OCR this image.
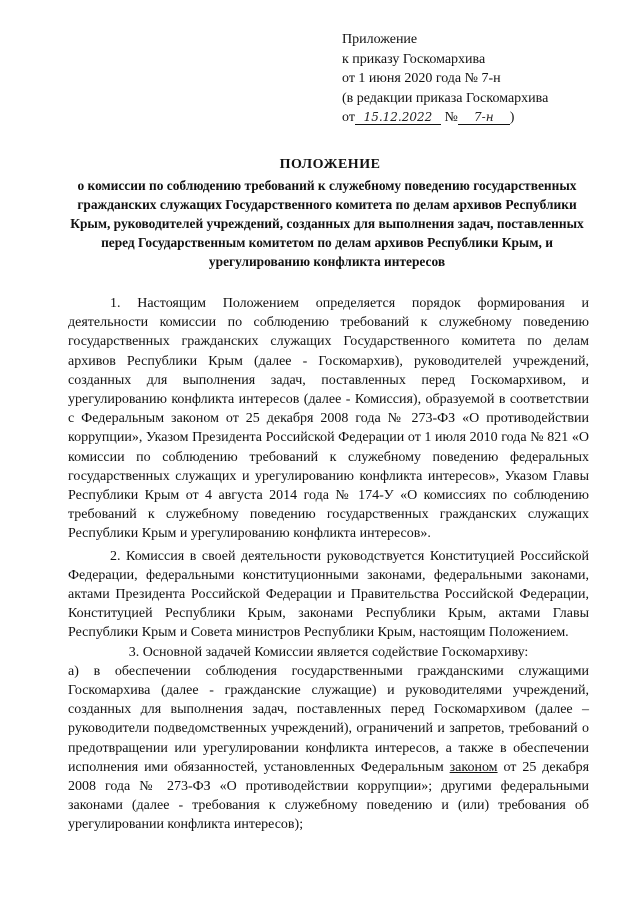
Приложение
к приказу Госкомархива
от 1 июня 2020 года № 7-н
(в редакции приказа Госкомархива
от 15.12.2022 № 7-н )
ПОЛОЖЕНИЕ
о комиссии по соблюдению требований к служебному поведению государственных гражданских служащих Государственного комитета по делам архивов Республики Крым, руководителей учреждений, созданных для выполнения задач, поставленных перед Государственным комитетом по делам архивов Республики Крым, и урегулированию конфликта интересов

1. Настоящим Положением определяется порядок формирования и деятельности комиссии по соблюдению требований к служебному поведению государственных гражданских служащих Государственного комитета по делам архивов Республики Крым (далее - Госкомархив), руководителей учреждений, созданных для выполнения задач, поставленных перед Госкомархивом, и урегулированию конфликта интересов (далее - Комиссия), образуемой в соответствии с Федеральным законом от 25 декабря 2008 года № 273-ФЗ «О противодействии коррупции», Указом Президента Российской Федерации от 1 июля 2010 года № 821 «О комиссии по соблюдению требований к служебному поведению федеральных государственных служащих и урегулированию конфликта интересов», Указом Главы Республики Крым от 4 августа 2014 года № 174-У «О комиссиях по соблюдению требований к служебному поведению государственных гражданских служащих Республики Крым и урегулированию конфликта интересов».

2. Комиссия в своей деятельности руководствуется Конституцией Российской Федерации, федеральными конституционными законами, федеральными законами, актами Президента Российской Федерации и Правительства Российской Федерации, Конституцией Республики Крым, законами Республики Крым, актами Главы Республики Крым и Совета министров Республики Крым, настоящим Положением.

3. Основной задачей Комиссии является содействие Госкомархиву:

а) в обеспечении соблюдения государственными гражданскими служащими Госкомархива (далее - гражданские служащие) и руководителями учреждений, созданных для выполнения задач, поставленных перед Госкомархивом (далее – руководители подведомственных учреждений), ограничений и запретов, требований о предотвращении или урегулировании конфликта интересов, а также в обеспечении исполнения ими обязанностей, установленных Федеральным законом от 25 декабря 2008 года № 273-ФЗ «О противодействии коррупции»; другими федеральными законами (далее - требования к служебному поведению и (или) требования об урегулировании конфликта интересов);
